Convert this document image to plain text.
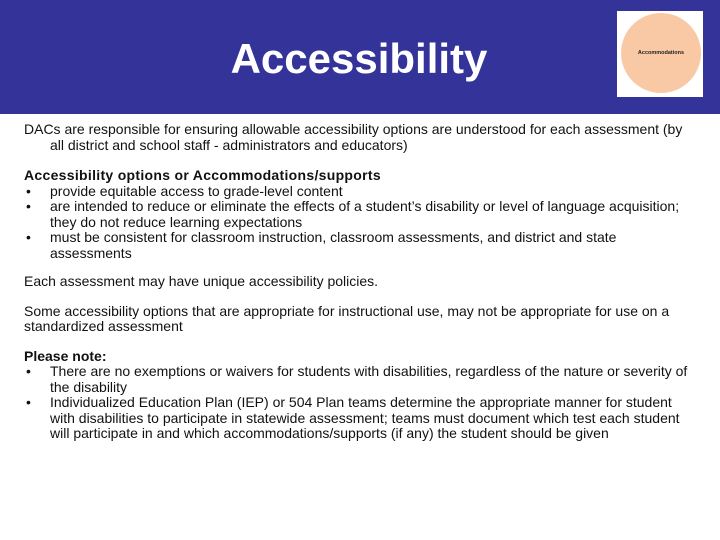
Accessibility	Accommodations

DACs are responsible for ensuring allowable accessibility options are understood for each assessment (by all district and school staff - administrators and educators)

Accessibility options or Accommodations/supports

• provide equitable access to grade-level content
• are intended to reduce or eliminate the effects of a student’s disability or level of language acquisition; they do not reduce learning expectations
• must be consistent for classroom instruction, classroom assessments, and district and state assessments

Each assessment may have unique accessibility policies.

Some accessibility options that are appropriate for instructional use, may not be appropriate for use on a standardized assessment

Please note:

• There are no exemptions or waivers for students with disabilities, regardless of the nature or severity of the disability
• Individualized Education Plan (IEP) or 504 Plan teams determine the appropriate manner for student with disabilities to participate in statewide assessment; teams must document which test each student will participate in and which accommodations/supports (if any) the student should be given
